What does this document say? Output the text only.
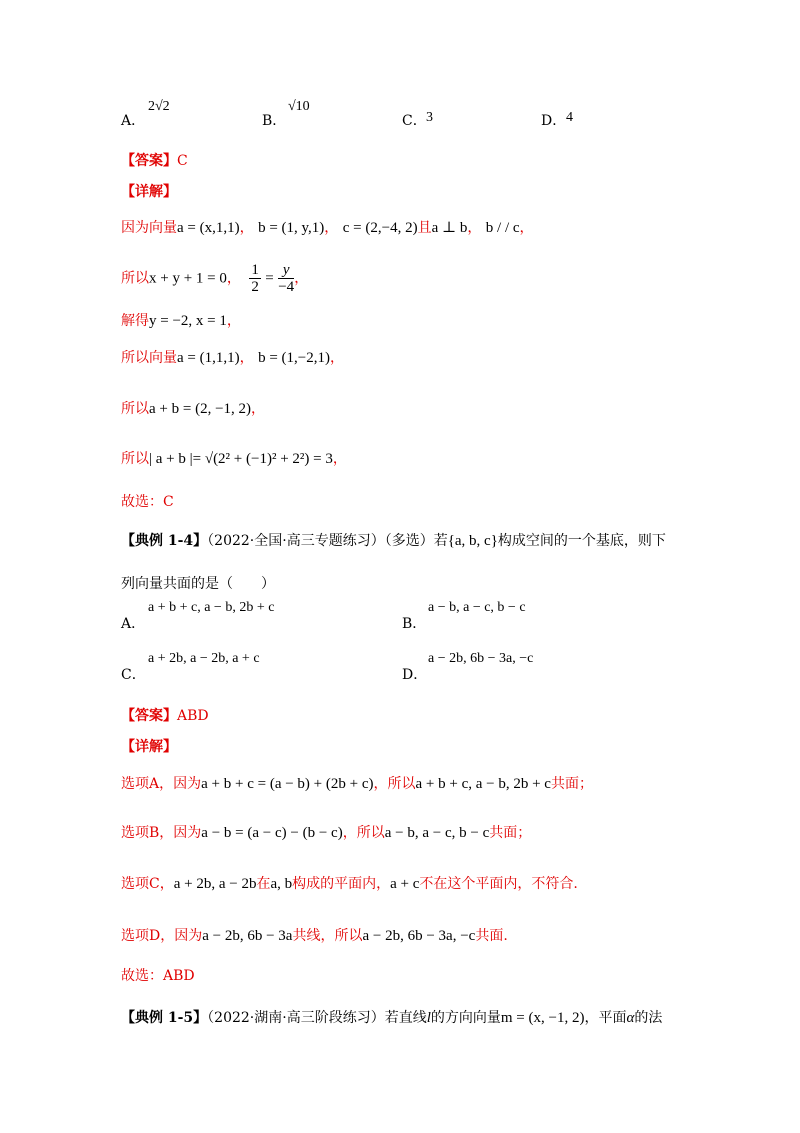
A．
2√2
B．
√10
C． 3	D． 4
【答案】C
【详解】
因为向量a = (x,1,1)， b = (1, y,1)， c = (2,−4, 2)且a ⊥ b， b / / c，
所以x + y + 1 = 0， $\frac{1}{2} = \frac{y}{-4}$ ，
解得y = −2, x = 1，
所以向量a = (1,1,1)， b = (1,−2,1)，
所以a + b = (2, −1, 2)，
所以| a + b |= √(2² + (−1)² + 2²) = 3，
故选：C
【典例 1-4】（2022·全国·高三专题练习）（多选）若{a, b, c}构成空间的一个基底，则下
列向量共面的是（　　）
A．
a + b + c, a − b, 2b + c
B．
a − b, a − c, b − c
C．
a + 2b, a − 2b, a + c
D．
a − 2b, 6b − 3a, −c
【答案】ABD
【详解】
选项A，因为a + b + c = (a − b) + (2b + c)，所以a + b + c, a − b, 2b + c共面；
选项B，因为a − b = (a − c) − (b − c)，所以a − b, a − c, b − c共面；
选项C，a + 2b, a − 2b在a, b构成的平面内，a + c不在这个平面内，不符合.
选项D，因为a − 2b, 6b − 3a共线，所以a − 2b, 6b − 3a, −c共面.
故选：ABD
【典例 1-5】（2022·湖南·高三阶段练习）若直线l的方向向量m = (x, −1, 2)，平面α的法
